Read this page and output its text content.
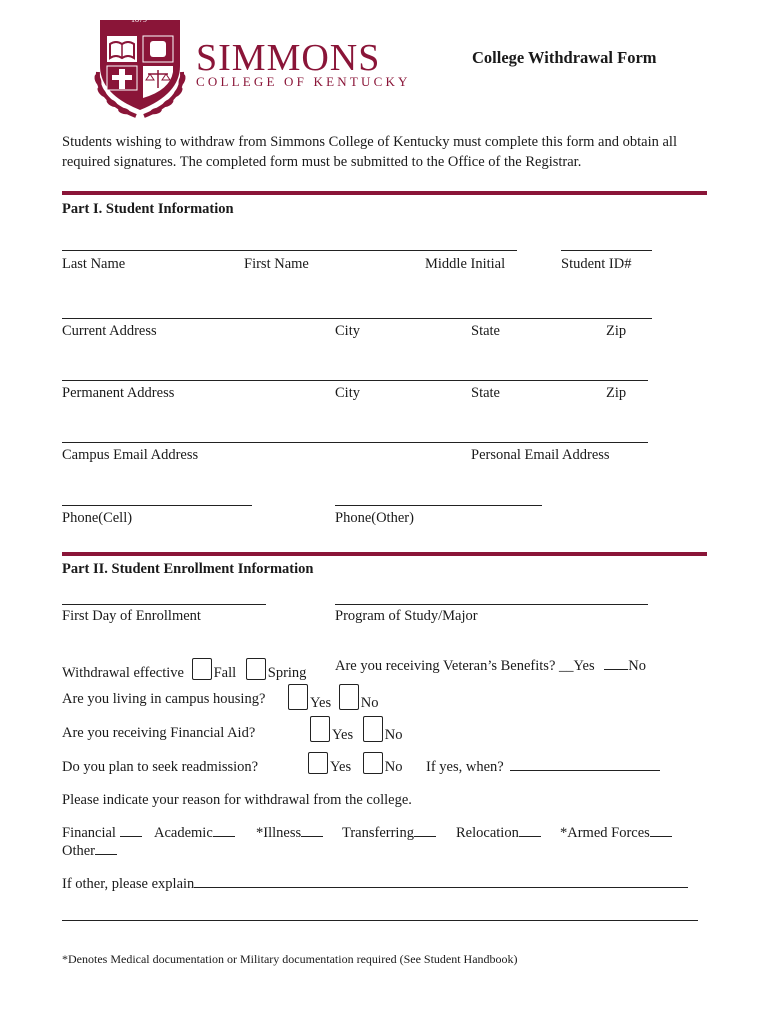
1879
SIMMONS
COLLEGE OF KENTUCKY
College Withdrawal Form
Students wishing to withdraw from Simmons College of Kentucky must complete this form and obtain all required signatures. The completed form must be submitted to the Office of the Registrar.
Part I. Student Information
Last Name	First Name	Middle Initial	Student ID#
Current Address	City	State	Zip
Permanent Address	City	State	Zip
Campus Email Address	Personal Email Address
Phone(Cell)	Phone(Other)
Part II. Student Enrollment Information
First Day of Enrollment	Program of Study/Major
Withdrawal effective Fall Spring Are you receiving Veteran’s Benefits? __Yes No
Are you living in campus housing?	Yes No
Are you receiving Financial Aid?	Yes No
Do you plan to seek readmission?	Yes No If yes, when?
Please indicate your reason for withdrawal from the college.
Financial	Academic	*Illness	Transferring	Relocation	*Armed Forces
Other
If other, please explain
*Denotes Medical documentation or Military documentation required (See Student Handbook)
